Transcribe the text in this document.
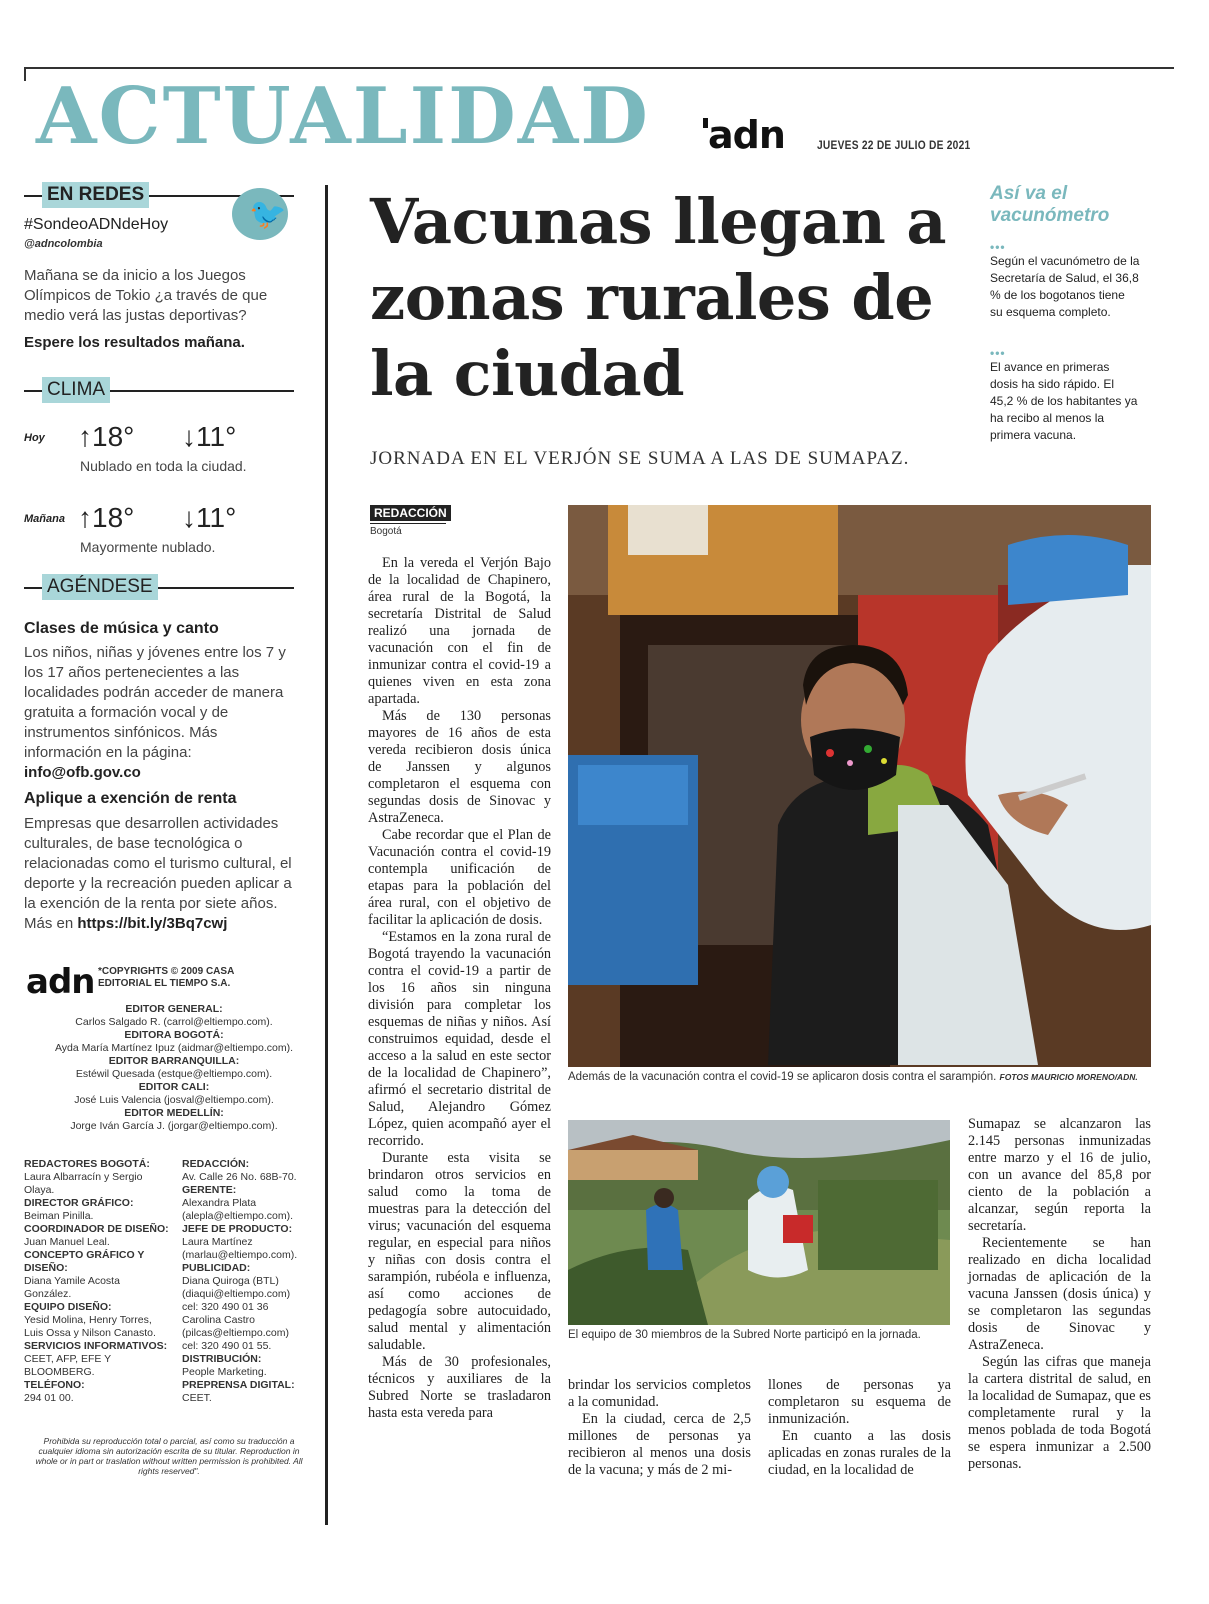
ACTUALIDAD adn	JUEVES 22 DE JULIO DE 2021
EN REDES
🐦
#SondeoADNdeHoy
@adncolombia
Mañana se da inicio a los Juegos Olímpicos de Tokio ¿a través de que medio verá las justas deportivas?
Espere los resultados mañana.
CLIMA
Hoy ↑18° ↓11°
Nublado en toda la ciudad.
Mañana ↑18° ↓11°
Mayormente nublado.
AGÉNDESE
Clases de música y canto
Los niños, niñas y jóvenes entre los 7 y los 17 años pertenecientes a las localidades podrán acceder de manera gratuita a formación vocal y de instrumentos sinfónicos. Más información en la página: info@ofb.gov.co
Aplique a exención de renta
Empresas que desarrollen actividades culturales, de base tecnológica o relacionadas como el turismo cultural, el deporte y la recreación pueden aplicar a la exención de la renta por siete años. Más en https://bit.ly/3Bq7cwj
adn *COPYRIGHTS © 2009 CASA EDITORIAL EL TIEMPO S.A.
EDITOR GENERAL:
Carlos Salgado R. (carrol@eltiempo.com).
EDITORA BOGOTÁ:
Ayda María Martínez Ipuz (aidmar@eltiempo.com).
EDITOR BARRANQUILLA:
Estéwil Quesada (estque@eltiempo.com).
EDITOR CALI:
José Luis Valencia (josval@eltiempo.com).
EDITOR MEDELLÍN:
Jorge Iván García J. (jorgar@eltiempo.com).
REDACTORES BOGOTÁ:
Laura Albarracín y Sergio Olaya.
DIRECTOR GRÁFICO:
Beiman Pinilla.
COORDINADOR DE DISEÑO:
Juan Manuel Leal.
CONCEPTO GRÁFICO Y DISEÑO:
Diana Yamile Acosta González.
EQUIPO DISEÑO:
Yesid Molina, Henry Torres, Luis Ossa y Nilson Canasto.
SERVICIOS INFORMATIVOS:
CEET, AFP, EFE Y BLOOMBERG.
TELÉFONO:
294 01 00.
REDACCIÓN:
Av. Calle 26 No. 68B-70.
GERENTE:
Alexandra Plata (alepla@eltiempo.com).
JEFE DE PRODUCTO:
Laura Martínez (marlau@eltiempo.com).
PUBLICIDAD:
Diana Quiroga (BTL) (diaqui@eltiempo.com) cel: 320 490 01 36 Carolina Castro (pilcas@eltiempo.com) cel: 320 490 01 55.
DISTRIBUCIÓN:
People Marketing.
PREPRENSA DIGITAL:
CEET.
Prohibida su reproducción total o parcial, así como su traducción a cualquier idioma sin autorización escrita de su titular. Reproduction in whole or in part or traslation without written permission is prohibited. All rights reserved".
Vacunas llegan a zonas rurales de la ciudad
JORNADA EN EL VERJÓN SE SUMA A LAS DE SUMAPAZ.
Así va el vacunómetro
•••
Según el vacunómetro de la Secretaría de Salud, el 36,8 % de los bogotanos tiene su esquema completo.
•••
El avance en primeras dosis ha sido rápido. El 45,2 % de los habitantes ya ha recibo al menos la primera vacuna.
REDACCIÓN
Bogotá

En la vereda el Verjón Bajo de la localidad de Chapinero, área rural de la Bogotá, la secretaría Distrital de Salud realizó una jornada de vacunación con el fin de inmunizar contra el covid-19 a quienes viven en esta zona apartada.

Más de 130 personas mayores de 16 años de esta vereda recibieron dosis única de Janssen y algunos completaron el esquema con segundas dosis de Sinovac y AstraZeneca.

Cabe recordar que el Plan de Vacunación contra el covid-19 contempla unificación de etapas para la población del área rural, con el objetivo de facilitar la aplicación de dosis.

“Estamos en la zona rural de Bogotá trayendo la vacunación contra el covid-19 a partir de los 16 años sin ninguna división para completar los esquemas de niñas y niños. Así construimos equidad, desde el acceso a la salud en este sector de la localidad de Chapinero”, afirmó el secretario distrital de Salud, Alejandro Gómez López, quien acompañó ayer el recorrido.

Durante esta visita se brindaron otros servicios en salud como la toma de muestras para la detección del virus; vacunación del esquema regular, en especial para niños y niñas con dosis contra el sarampión, rubéola e influenza, así como acciones de pedagogía sobre autocuidado, salud mental y alimentación saludable.

Más de 30 profesionales, técnicos y auxiliares de la Subred Norte se trasladaron hasta esta vereda para

Además de la vacunación contra el covid-19 se aplicaron dosis contra el sarampión. FOTOS MAURICIO MORENO/ADN.
El equipo de 30 miembros de la Subred Norte participó en la jornada.

brindar los servicios completos a la comunidad.

En la ciudad, cerca de 2,5 millones de personas ya recibieron al menos una dosis de la vacuna; y más de 2 mi-

llones de personas ya completaron su esquema de inmunización.

En cuanto a las dosis aplicadas en zonas rurales de la ciudad, en la localidad de

Sumapaz se alcanzaron las 2.145 personas inmunizadas entre marzo y el 16 de julio, con un avance del 85,8 por ciento de la población a alcanzar, según reporta la secretaría.

Recientemente se han realizado en dicha localidad jornadas de aplicación de la vacuna Janssen (dosis única) y se completaron las segundas dosis de Sinovac y AstraZeneca.

Según las cifras que maneja la cartera distrital de salud, en la localidad de Sumapaz, que es completamente rural y la menos poblada de toda Bogotá se espera inmunizar a 2.500 personas.
